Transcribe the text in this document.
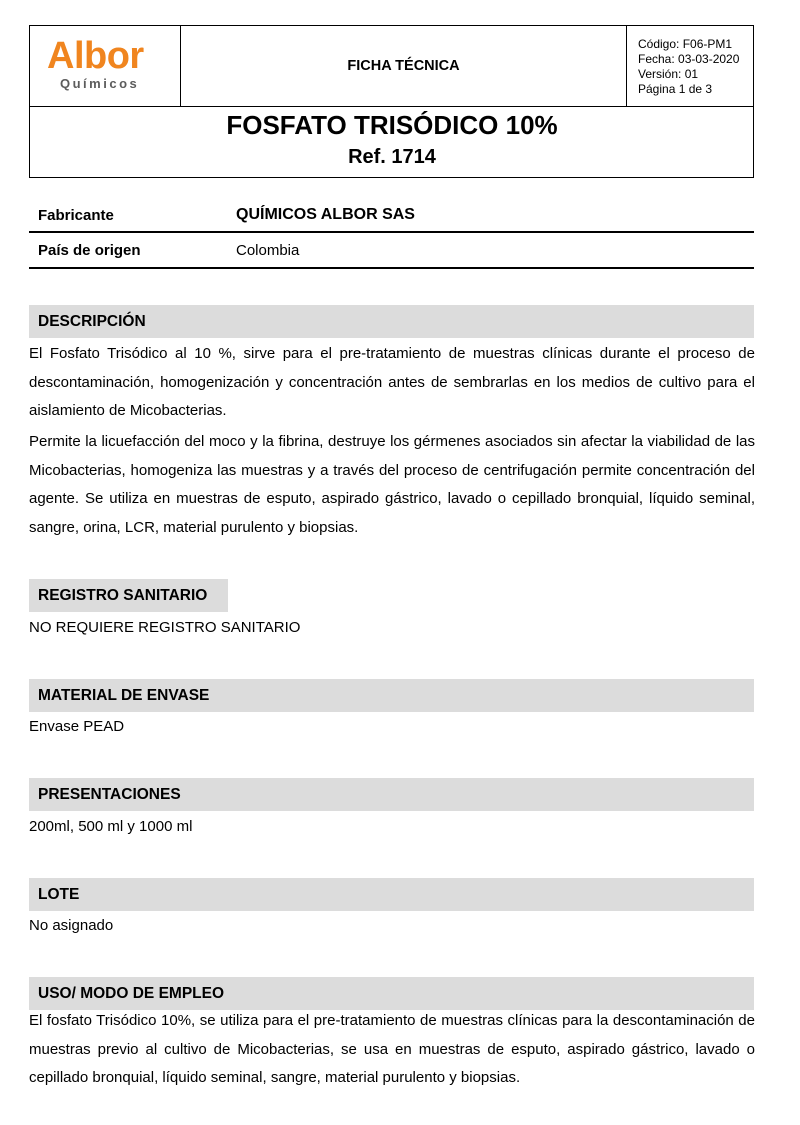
Albor
Químicos
FICHA TÉCNICA
Código: F06-PM1
Fecha: 03-03-2020
Versión: 01
Página 1 de 3
FOSFATO TRISÓDICO 10%
Ref. 1714
Fabricante	QUÍMICOS ALBOR SAS
País de origen	Colombia
DESCRIPCIÓN
El Fosfato Trisódico al 10 %, sirve para el pre-tratamiento de muestras clínicas durante el proceso de descontaminación, homogenización y concentración antes de sembrarlas en los medios de cultivo para el aislamiento de Micobacterias.
Permite la licuefacción del moco y la fibrina, destruye los gérmenes asociados sin afectar la viabilidad de las Micobacterias, homogeniza las muestras y a través del proceso de centrifugación permite concentración del agente. Se utiliza en muestras de esputo, aspirado gástrico, lavado o cepillado bronquial, líquido seminal, sangre, orina, LCR, material purulento y biopsias.
REGISTRO SANITARIO
NO REQUIERE REGISTRO SANITARIO
MATERIAL DE ENVASE
Envase PEAD
PRESENTACIONES
200ml, 500 ml y 1000 ml
LOTE
No asignado
USO/ MODO DE EMPLEO
El fosfato Trisódico 10%, se utiliza para el pre-tratamiento de muestras clínicas para la descontaminación de muestras previo al cultivo de Micobacterias, se usa en muestras de esputo, aspirado gástrico, lavado o cepillado bronquial, líquido seminal, sangre, material purulento y biopsias.
